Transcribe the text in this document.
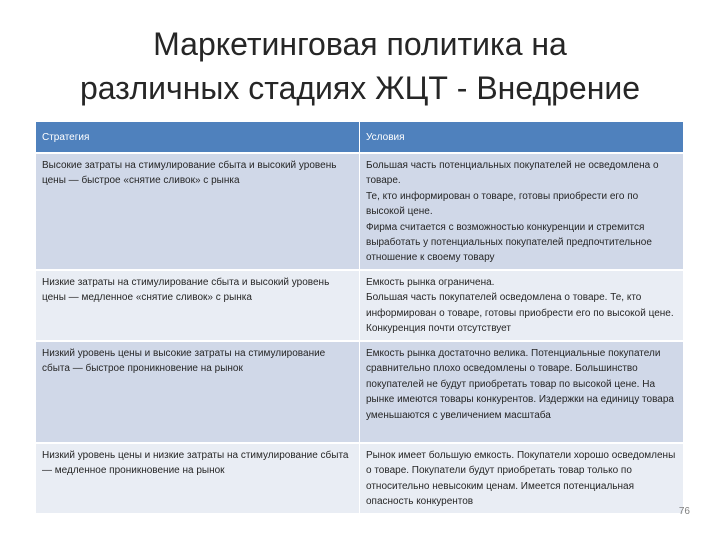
Маркетинговая политика на
различных стадиях ЖЦТ - Внедрение
Стратегия	Условия
Высокие затраты на стимулирование сбыта и высокий уровень цены — быстрое «снятие сливок» с рынка	Большая часть потенциальных покупателей не осведомлена о товаре.
Те, кто информирован о товаре, готовы приобрести его по высокой цене.
Фирма считается с возможностью конкуренции и стремится выработать у потенциальных покупателей предпочтительное отношение к своему товару

Низкие затраты на стимулирование сбыта и высокий уровень цены — медленное «снятие сливок» с рынка	Емкость рынка ограничена.
Большая часть покупателей осведомлена о товаре. Те, кто информирован о товаре, готовы приобрести его по высокой цене. Конкуренция почти отсутствует

Низкий уровень цены и высокие затраты на стимулирование сбыта — быстрое проникновение на рынок	Емкость рынка достаточно велика. Потенциальные покупатели сравнительно плохо осведомлены о товаре. Большинство покупателей не будут приобретать товар по высокой цене. На рынке имеются товары конкурентов. Издержки на единицу товара уменьшаются с увеличением масштаба

Низкий уровень цены и низкие затраты на стимулирование сбыта — медленное проникновение на рынок	Рынок имеет большую емкость. Покупатели хорошо осведомлены о товаре. Покупатели будут приобретать товар только по относительно невысоким ценам. Имеется потенциальная опасность конкурентов
76
